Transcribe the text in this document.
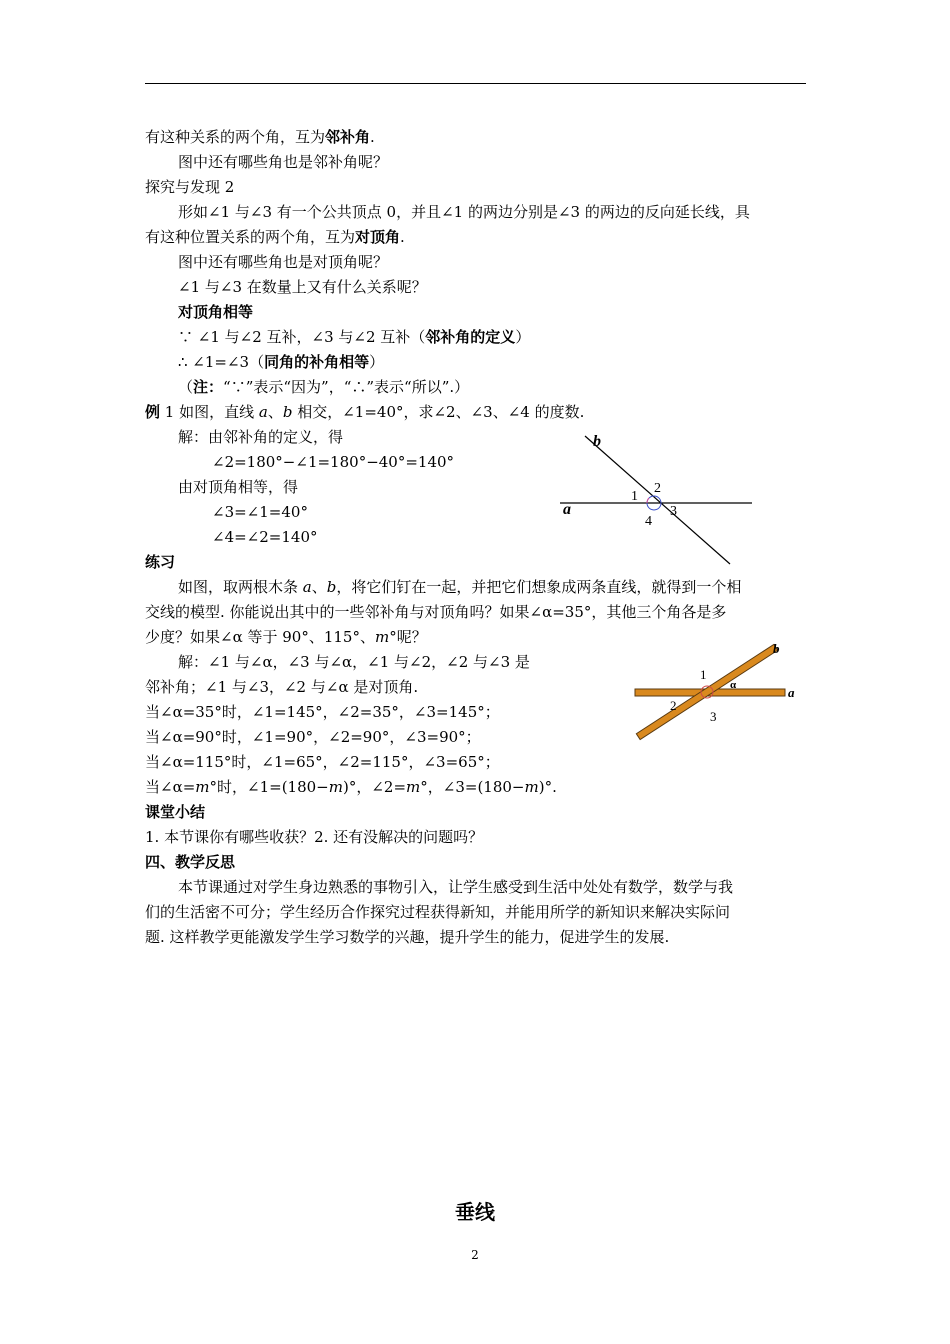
有这种关系的两个角，互为邻补角.
图中还有哪些角也是邻补角呢？
探究与发现 2
形如∠1 与∠3 有一个公共顶点 0，并且∠1 的两边分别是∠3 的两边的反向延长线，具
有这种位置关系的两个角，互为对顶角.
图中还有哪些角也是对顶角呢？
∠1 与∠3 在数量上又有什么关系呢？
对顶角相等
∵ ∠1 与∠2 互补，∠3 与∠2 互补（邻补角的定义）
∴ ∠1=∠3（同角的补角相等）
（注：“∵”表示“因为”，“∴”表示“所以”.）
例 1 如图，直线 a、b 相交，∠1=40°，求∠2、∠3、∠4 的度数.
解：由邻补角的定义，得
∠2=180°−∠1=180°−40°=140°
由对顶角相等，得
∠3=∠1=40°
∠4=∠2=140°
练习
如图，取两根木条 a、b，将它们钉在一起，并把它们想象成两条直线，就得到一个相
交线的模型. 你能说出其中的一些邻补角与对顶角吗？如果∠α=35°，其他三个角各是多
少度？如果∠α 等于 90°、115°、m°呢？
解：∠1 与∠α，∠3 与∠α，∠1 与∠2，∠2 与∠3 是
邻补角；∠1 与∠3，∠2 与∠α 是对顶角.
当∠α=35°时，∠1=145°，∠2=35°，∠3=145°；
当∠α=90°时，∠1=90°，∠2=90°，∠3=90°；
当∠α=115°时，∠1=65°，∠2=115°，∠3=65°；
当∠α=m°时，∠1=(180−m)°，∠2=m°，∠3=(180−m)°.
课堂小结
1. 本节课你有哪些收获？2. 还有没解决的问题吗？
四、教学反思
本节课通过对学生身边熟悉的事物引入，让学生感受到生活中处处有数学，数学与我
们的生活密不可分；学生经历合作探究过程获得新知，并能用所学的新知识来解决实际问
题. 这样教学更能激发学生学习数学的兴趣，提升学生的能力，促进学生的发展.
b
a
1
2
3
4
b
a
1
α
2
3
垂线
2
